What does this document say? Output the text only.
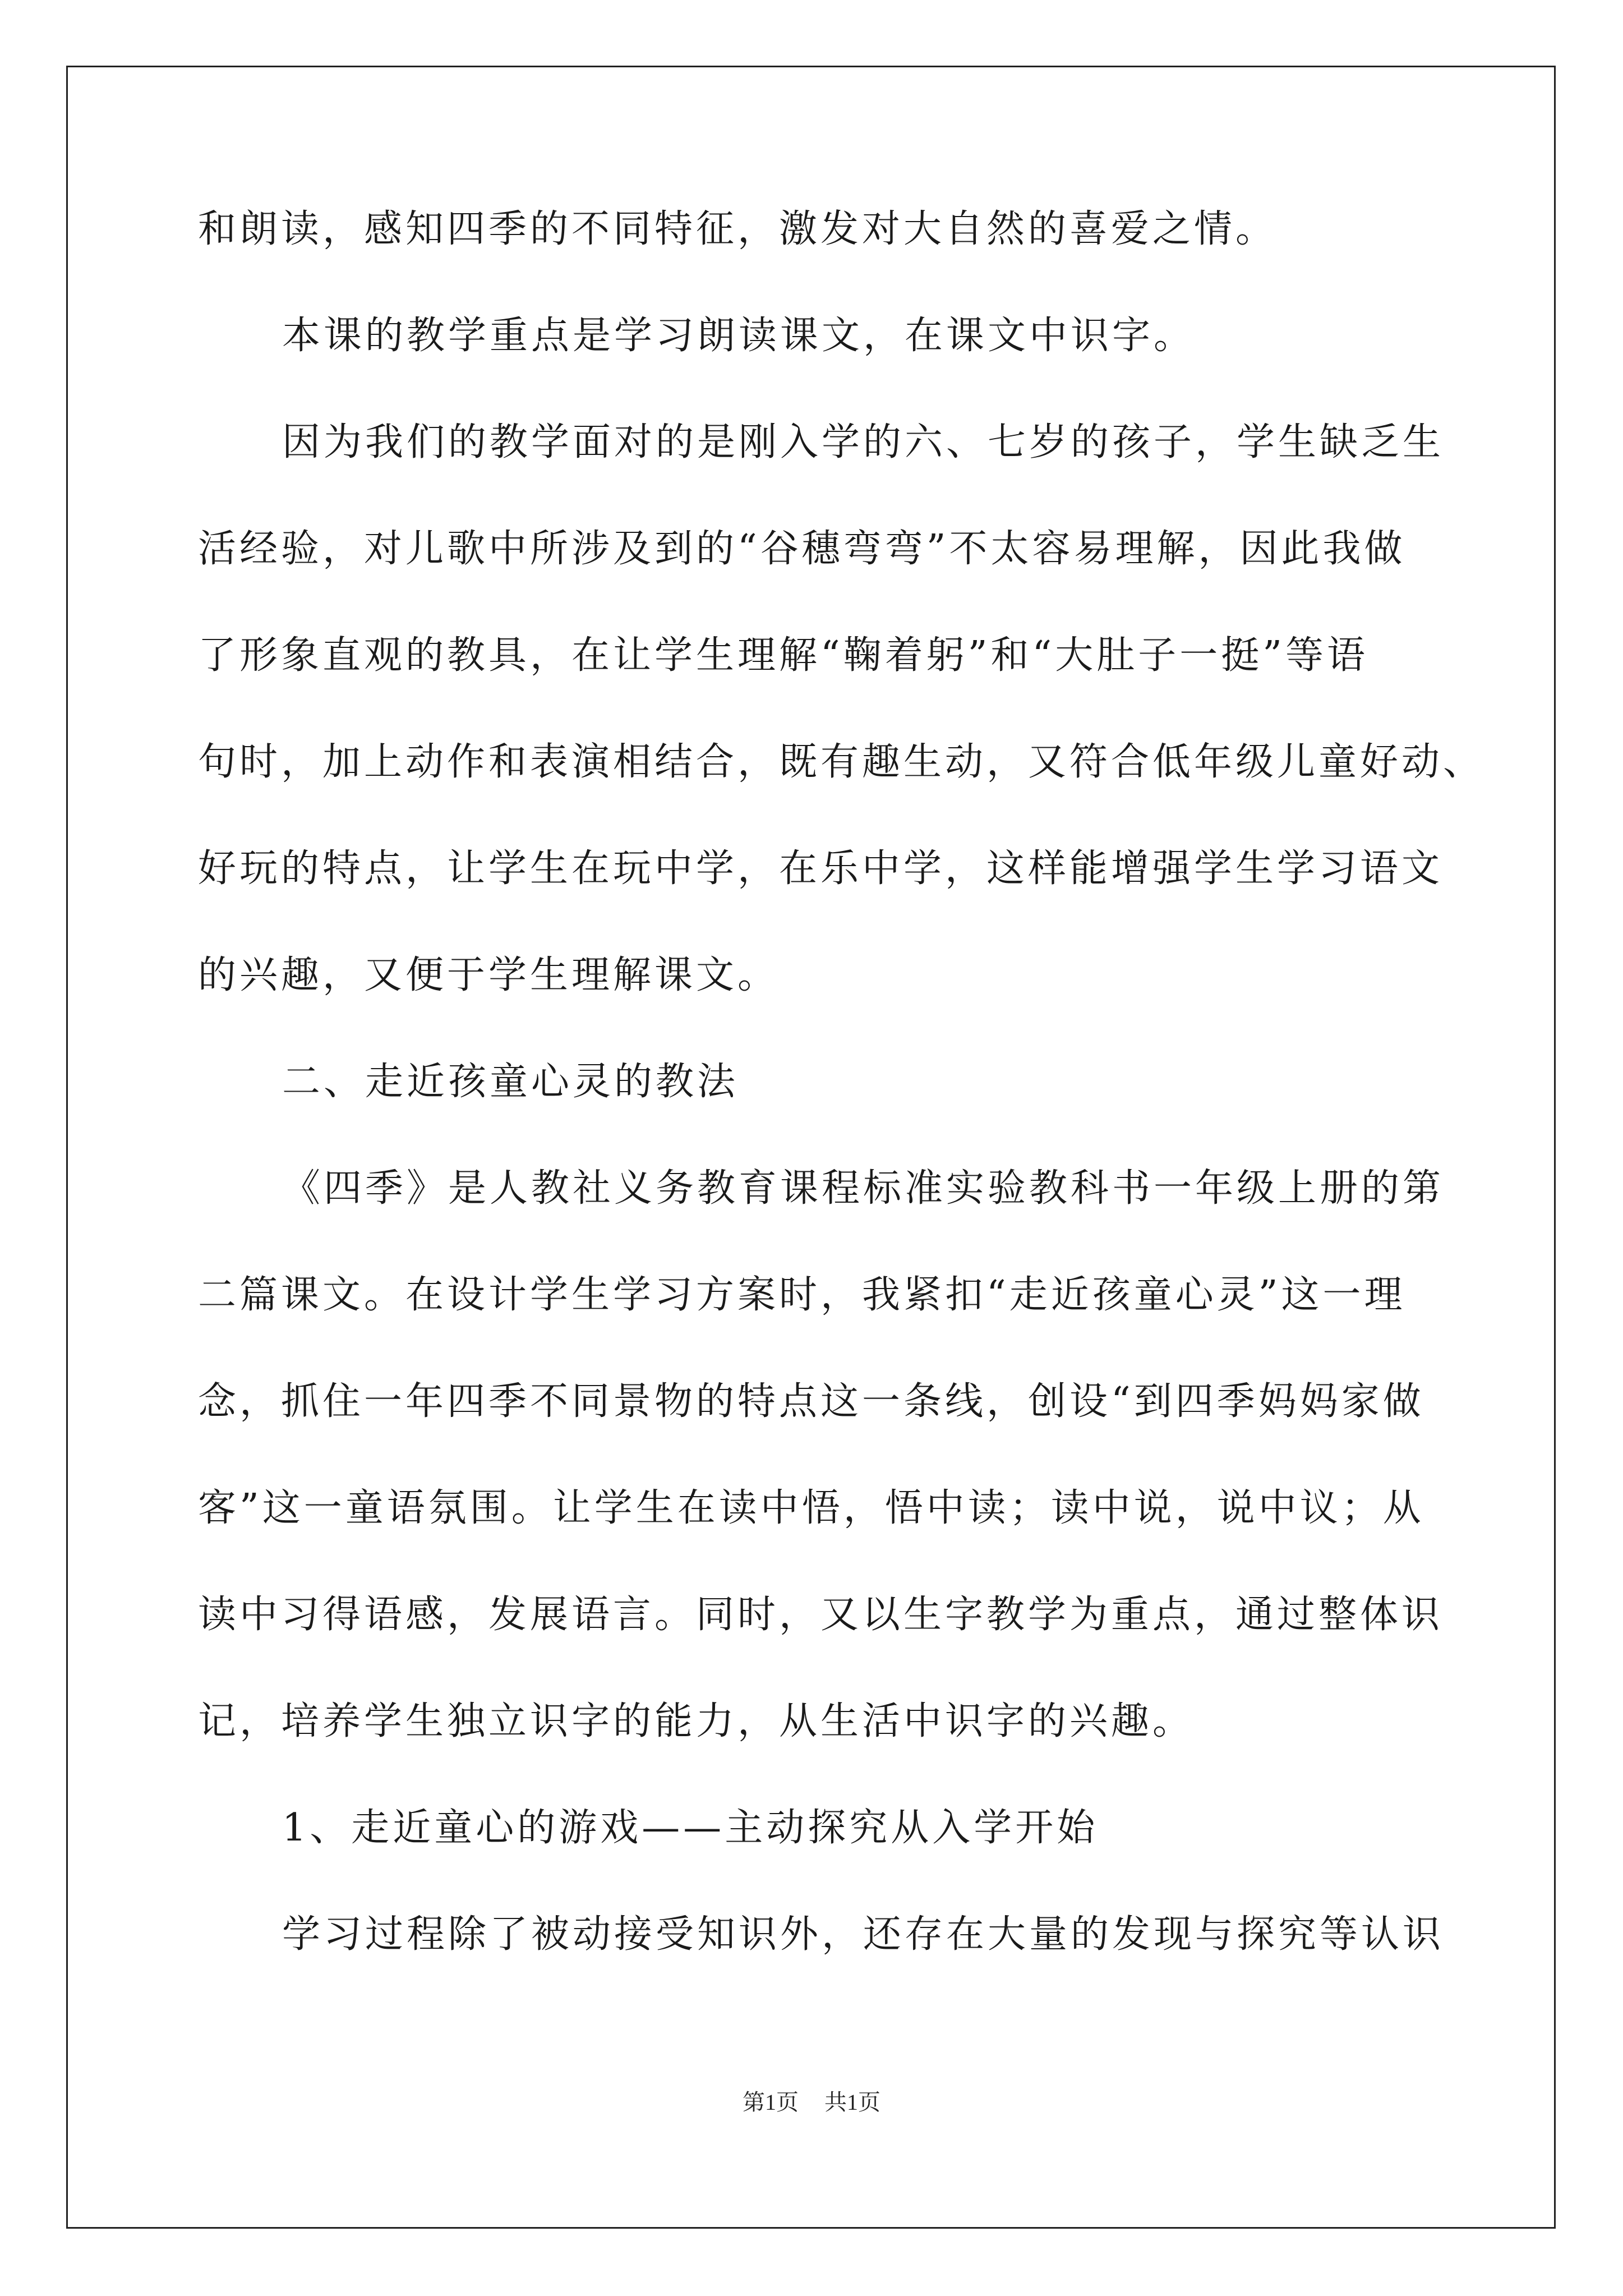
和朗读，感知四季的不同特征，激发对大自然的喜爱之情。
本课的教学重点是学习朗读课文，在课文中识字。
因为我们的教学面对的是刚入学的六、七岁的孩子，学生缺乏生
活经验，对儿歌中所涉及到的“谷穗弯弯”不太容易理解，因此我做
了形象直观的教具，在让学生理解“鞠着躬”和“大肚子一挺”等语
句时，加上动作和表演相结合，既有趣生动，又符合低年级儿童好动、
好玩的特点，让学生在玩中学，在乐中学，这样能增强学生学习语文
的兴趣，又便于学生理解课文。
二、走近孩童心灵的教法
《四季》是人教社义务教育课程标准实验教科书一年级上册的第
二篇课文。在设计学生学习方案时，我紧扣“走近孩童心灵”这一理
念，抓住一年四季不同景物的特点这一条线，创设“到四季妈妈家做
客”这一童语氛围。让学生在读中悟，悟中读；读中说，说中议；从
读中习得语感，发展语言。同时，又以生字教学为重点，通过整体识
记，培养学生独立识字的能力，从生活中识字的兴趣。
1、走近童心的游戏——主动探究从入学开始
学习过程除了被动接受知识外，还存在大量的发现与探究等认识
第1页 共1页
